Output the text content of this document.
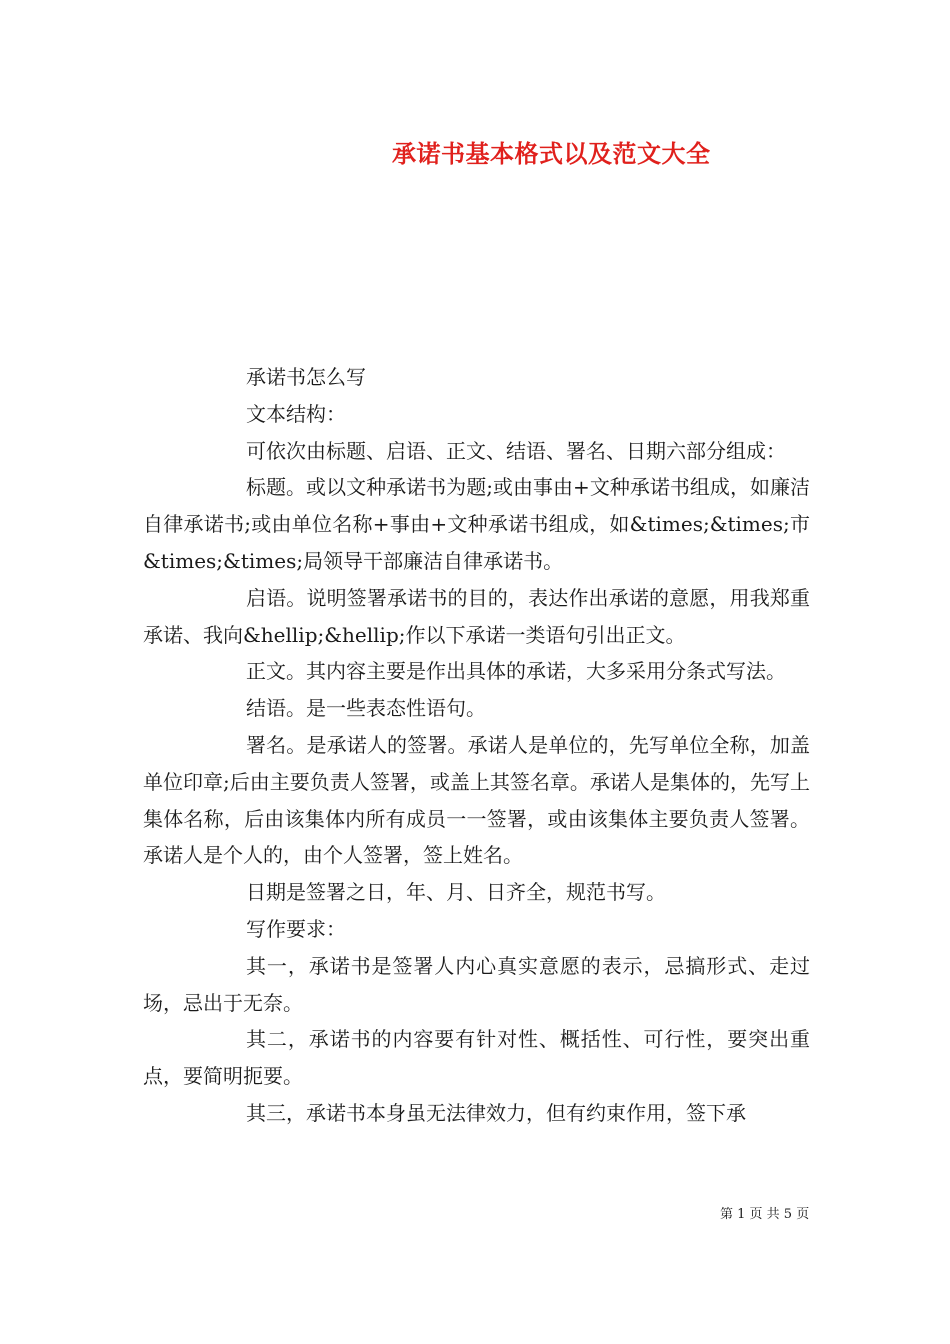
承诺书基本格式以及范文大全

承诺书怎么写

文本结构：

可依次由标题、启语、正文、结语、署名、日期六部分组成：

标题。或以文种承诺书为题;或由事由+文种承诺书组成，如廉洁自律承诺书;或由单位名称+事由+文种承诺书组成，如&times;&times;市&times;&times;局领导干部廉洁自律承诺书。

启语。说明签署承诺书的目的，表达作出承诺的意愿，用我郑重承诺、我向&hellip;&hellip;作以下承诺一类语句引出正文。

正文。其内容主要是作出具体的承诺，大多采用分条式写法。

结语。是一些表态性语句。

署名。是承诺人的签署。承诺人是单位的，先写单位全称，加盖单位印章;后由主要负责人签署，或盖上其签名章。承诺人是集体的，先写上集体名称，后由该集体内所有成员一一签署，或由该集体主要负责人签署。承诺人是个人的，由个人签署，签上姓名。

日期是签署之日，年、月、日齐全，规范书写。

写作要求：

其一，承诺书是签署人内心真实意愿的表示，忌搞形式、走过场，忌出于无奈。

其二，承诺书的内容要有针对性、概括性、可行性，要突出重点，要简明扼要。

其三，承诺书本身虽无法律效力，但有约束作用，签下承

第 1 页 共 5 页
